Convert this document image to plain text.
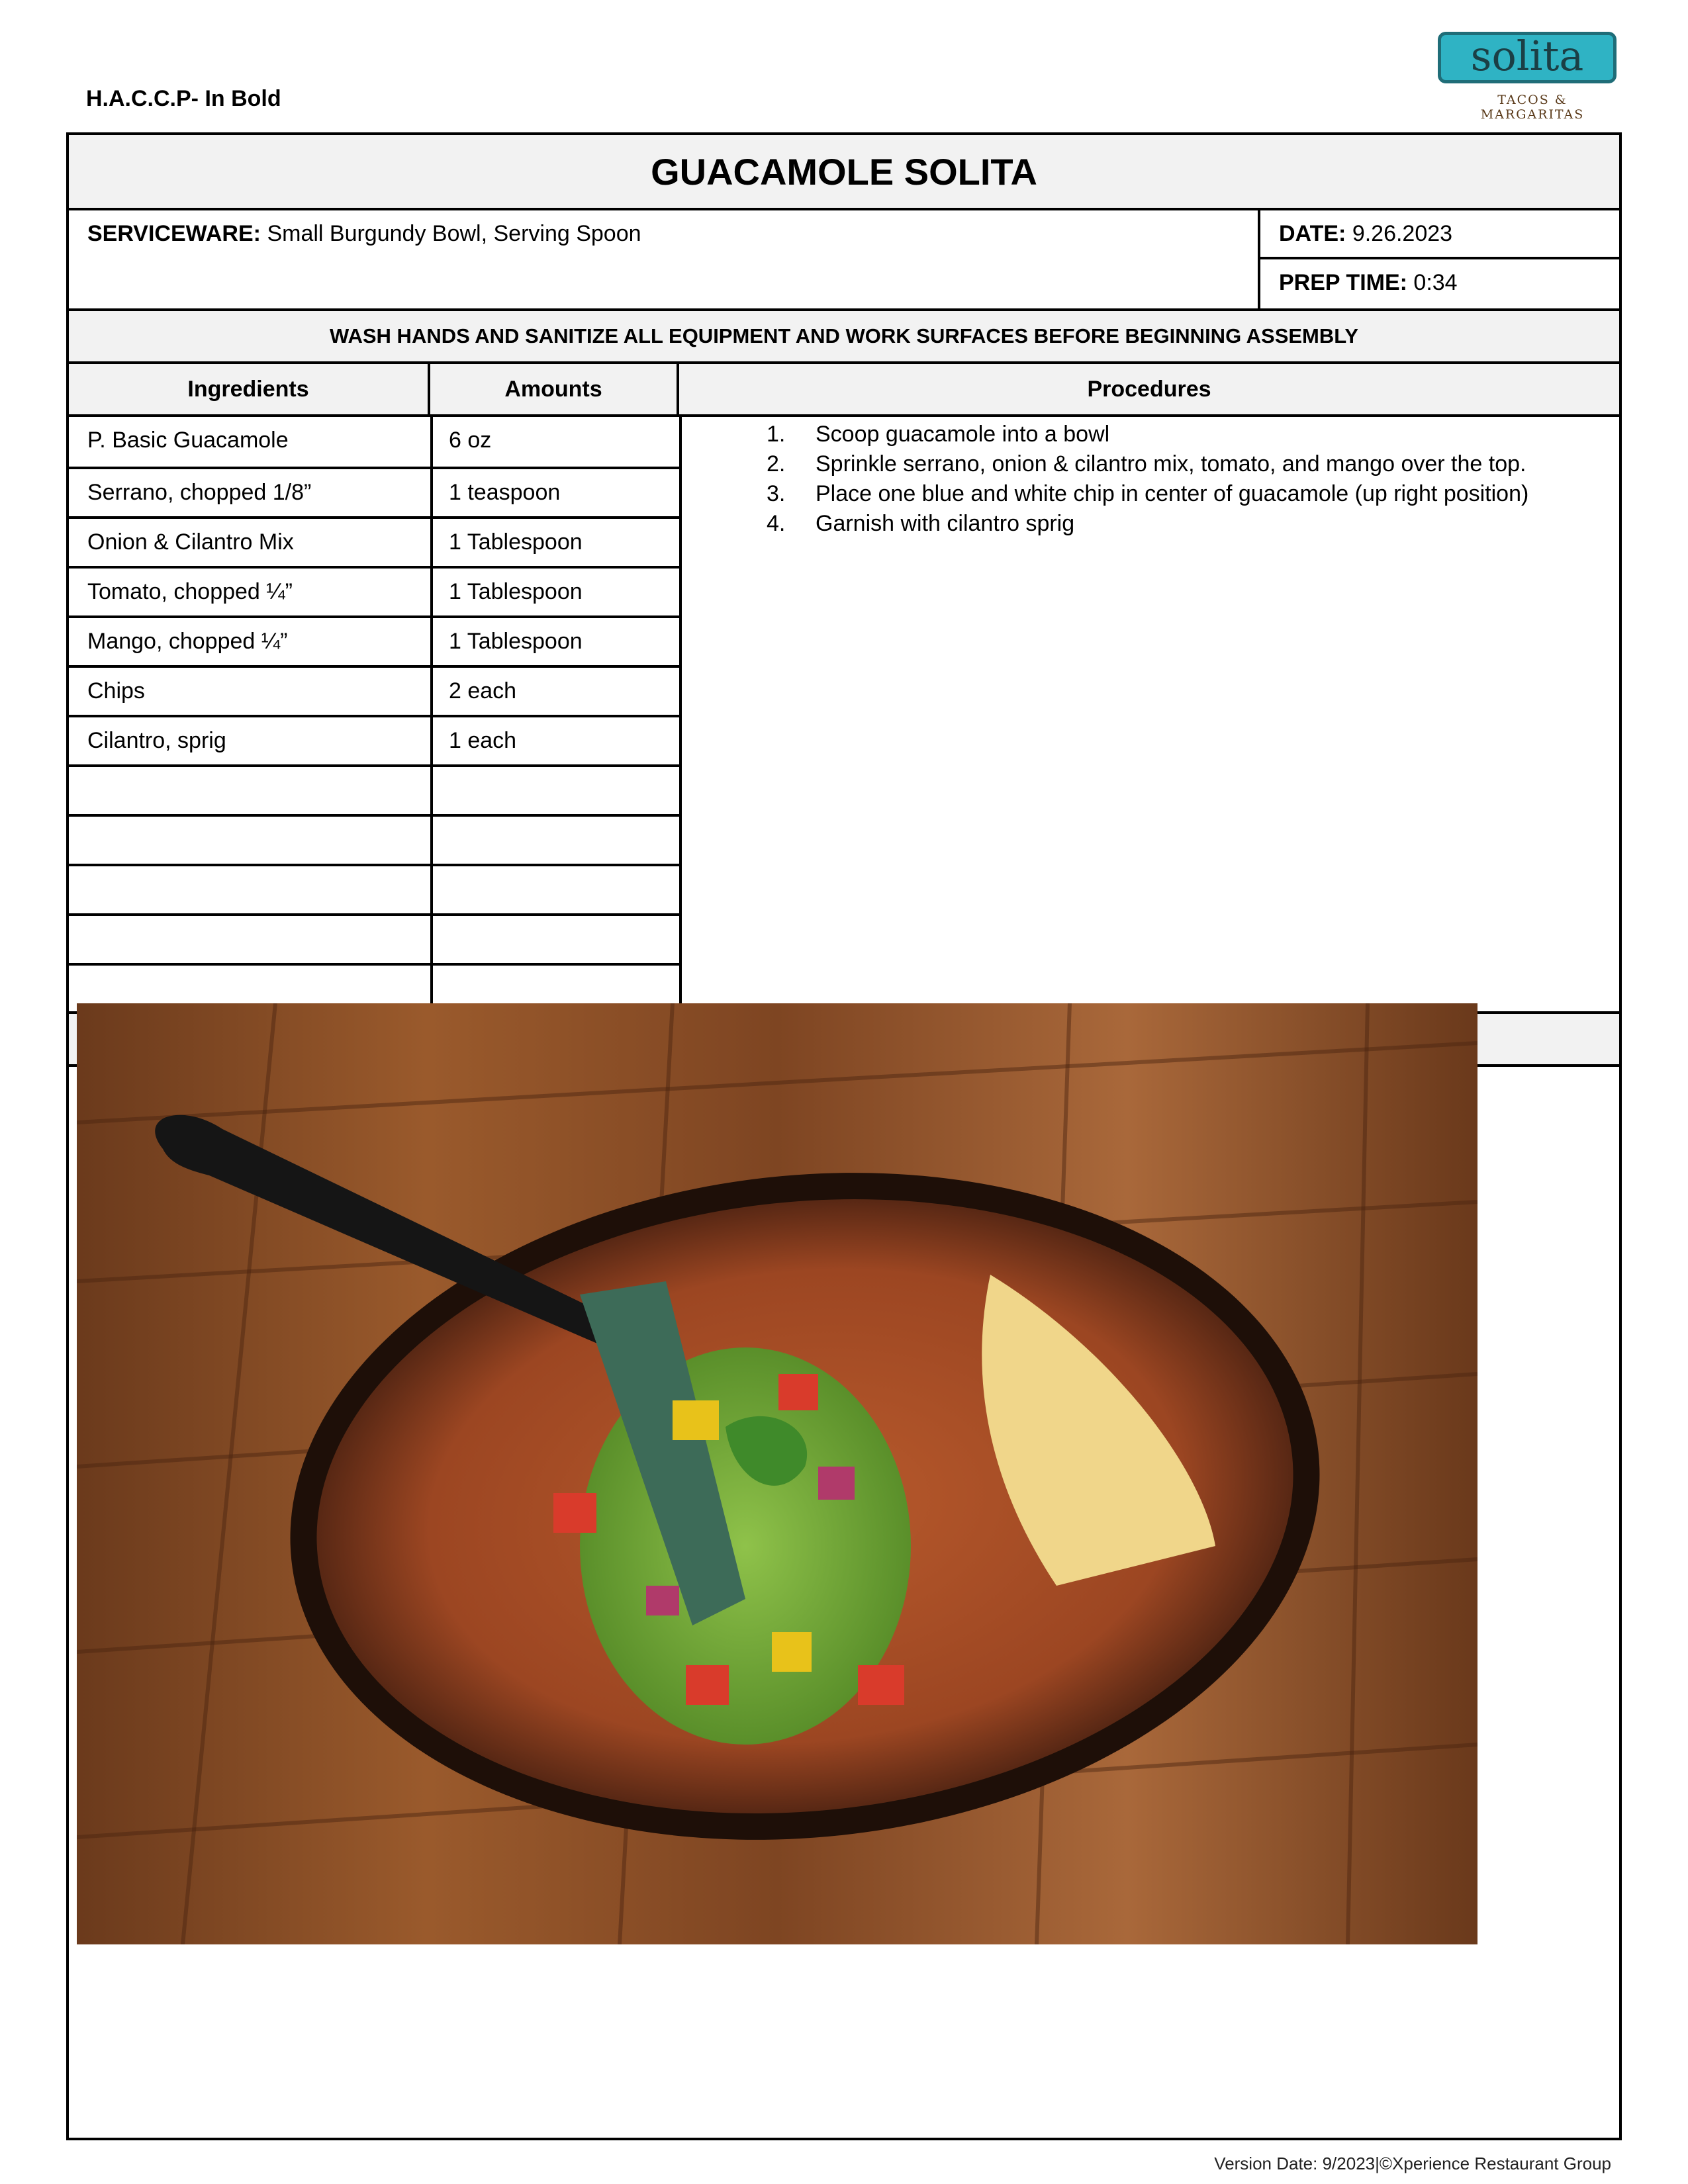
H.A.C.C.P- In Bold
solita
TACOS & MARGARITAS
GUACAMOLE SOLITA
SERVICEWARE: Small Burgundy Bowl, Serving Spoon	DATE: 9.26.2023
PREP TIME: 0:34
WASH HANDS AND SANITIZE ALL EQUIPMENT AND WORK SURFACES BEFORE BEGINNING ASSEMBLY
Ingredients	Amounts	Procedures
P. Basic Guacamole	6 oz
Serrano, chopped 1/8”	1 teaspoon
Onion & Cilantro Mix	1 Tablespoon
Tomato, chopped ¼”	1 Tablespoon
Mango, chopped ¼”	1 Tablespoon
Chips	2 each
Cilantro, sprig	1 each
1. Scoop guacamole into a bowl
2. Sprinkle serrano, onion & cilantro mix, tomato, and mango over the top.
3. Place one blue and white chip in center of guacamole (up right position)
4. Garnish with cilantro sprig
Version Date: 9/2023|©Xperience Restaurant Group
